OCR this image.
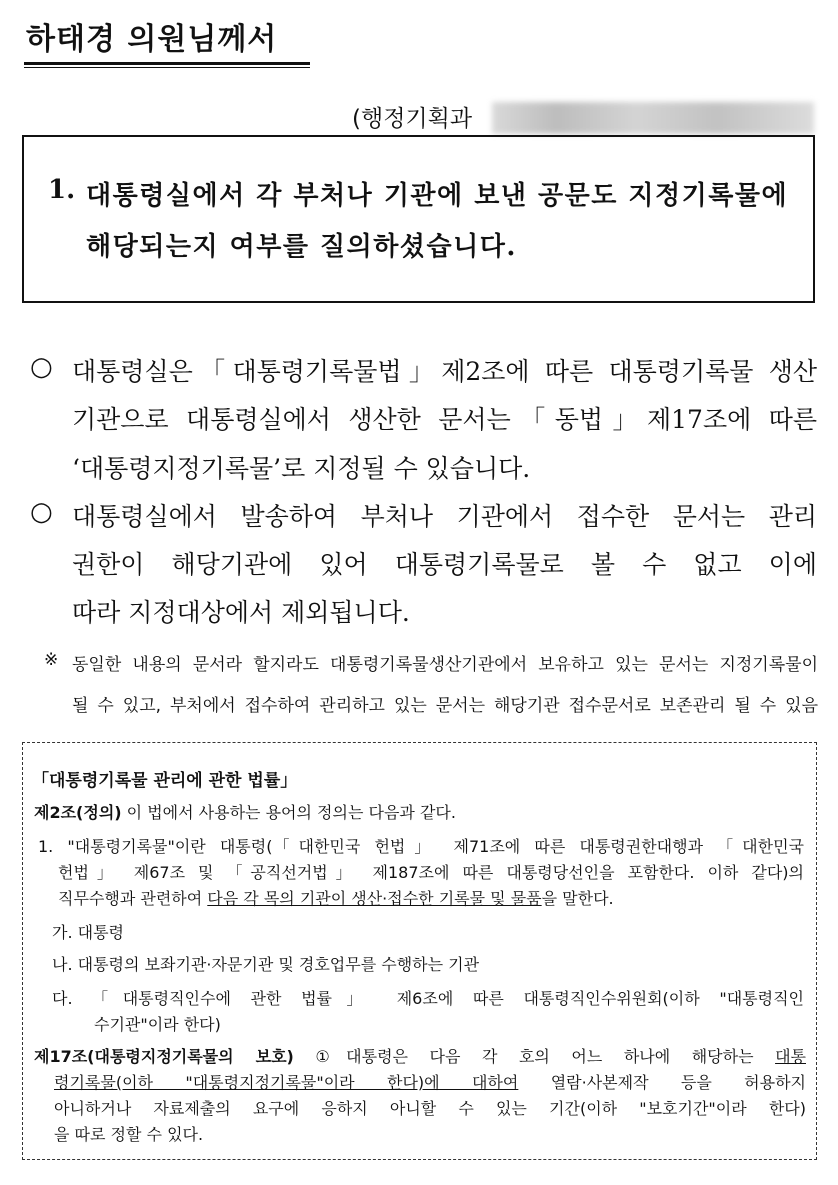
하태경 의원님께서
(행정기획과
1. 대통령실에서 각 부처나 기관에 보낸 공문도 지정기록물에
해당되는지 여부를 질의하셨습니다.
○ 대통령실은「대통령기록물법」제2조에 따른 대통령기록물 생산
기관으로 대통령실에서 생산한 문서는「동법」제17조에 따른
‘대통령지정기록물’로 지정될 수 있습니다.
○ 대통령실에서 발송하여 부처나 기관에서 접수한 문서는 관리
권한이 해당기관에 있어 대통령기록물로 볼 수 없고 이에
따라 지정대상에서 제외됩니다.
※ 동일한 내용의 문서라 할지라도 대통령기록물생산기관에서 보유하고 있는 문서는 지정기록물이
될 수 있고, 부처에서 접수하여 관리하고 있는 문서는 해당기관 접수문서로 보존관리 될 수 있음
「대통령기록물 관리에 관한 법률」
제2조(정의) 이 법에서 사용하는 용어의 정의는 다음과 같다.
1. "대통령기록물"이란 대통령(「대한민국 헌법」 제71조에 따른 대통령권한대행과 「대한민국
헌법」 제67조 및 「공직선거법」 제187조에 따른 대통령당선인을 포함한다. 이하 같다)의
직무수행과 관련하여 다음 각 목의 기관이 생산·접수한 기록물 및 물품을 말한다.
가. 대통령
나. 대통령의 보좌기관·자문기관 및 경호업무를 수행하는 기관
다. 「대통령직인수에 관한 법률」 제6조에 따른 대통령직인수위원회(이하 "대통령직인
수기관"이라 한다)
제17조(대통령지정기록물의 보호) ①대통령은 다음 각 호의 어느 하나에 해당하는 대통
령기록물(이하 "대통령지정기록물"이라 한다)에 대하여 열람·사본제작 등을 허용하지
아니하거나 자료제출의 요구에 응하지 아니할 수 있는 기간(이하 "보호기간"이라 한다)
을 따로 정할 수 있다.
